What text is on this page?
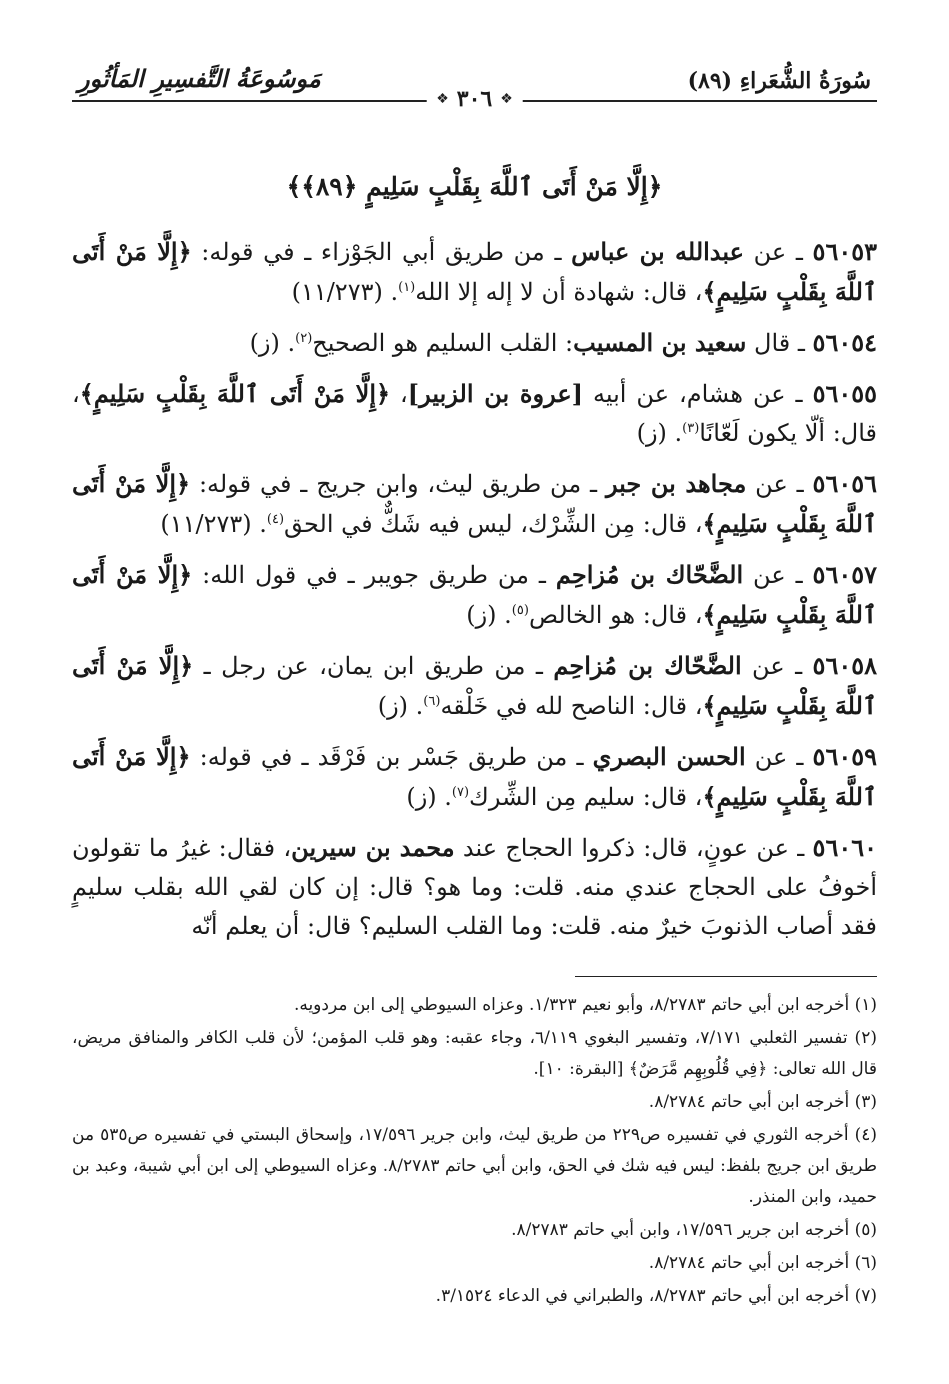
سُورَةُ الشُّعَراءِ (٨٩)
مَوسُوعَةُ التَّفسِيرِ المَأثُورِ
❖
٣٠٦
❖
﴿إِلَّا مَنْ أَتَى ٱللَّهَ بِقَلْبٍ سَلِيمٍ ﴿٨٩﴾﴾

٥٦٠٥٣ ـ عن عبدالله بن عباس ـ من طريق أبي الجَوْزاء ـ في قوله: ﴿إِلَّا مَنْ أَتَى ٱللَّهَ بِقَلْبٍ سَلِيمٍ﴾، قال: شهادة أن لا إله إلا الله$^{(١)}$. (١١/٢٧٣)

٥٦٠٥٤ ـ قال سعيد بن المسيب: القلب السليم هو الصحيح$^{(٢)}$. (ز)

٥٦٠٥٥ ـ عن هشام، عن أبيه [عروة بن الزبير]، ﴿إِلَّا مَنْ أَتَى ٱللَّهَ بِقَلْبٍ سَلِيمٍ﴾، قال: ألّا يكون لَعّانًا$^{(٣)}$. (ز)

٥٦٠٥٦ ـ عن مجاهد بن جبر ـ من طريق ليث، وابن جريج ـ في قوله: ﴿إِلَّا مَنْ أَتَى ٱللَّهَ بِقَلْبٍ سَلِيمٍ﴾، قال: مِن الشِّرْك، ليس فيه شَكٌّ في الحق$^{(٤)}$. (١١/٢٧٣)

٥٦٠٥٧ ـ عن الضَّحّاك بن مُزاحِم ـ من طريق جويبر ـ في قول الله: ﴿إِلَّا مَنْ أَتَى ٱللَّهَ بِقَلْبٍ سَلِيمٍ﴾، قال: هو الخالص$^{(٥)}$. (ز)

٥٦٠٥٨ ـ عن الضَّحّاك بن مُزاحِم ـ من طريق ابن يمان، عن رجل ـ ﴿إِلَّا مَنْ أَتَى ٱللَّهَ بِقَلْبٍ سَلِيمٍ﴾، قال: الناصح لله في خَلْقه$^{(٦)}$. (ز)

٥٦٠٥٩ ـ عن الحسن البصري ـ من طريق جَسْر بن فَرْقَد ـ في قوله: ﴿إِلَّا مَنْ أَتَى ٱللَّهَ بِقَلْبٍ سَلِيمٍ﴾، قال: سليم مِن الشِّرك$^{(٧)}$. (ز)

٥٦٠٦٠ ـ عن عونٍ، قال: ذكروا الحجاج عند محمد بن سيرين، فقال: غيرُ ما تقولون أخوفُ على الحجاج عندي منه. قلت: وما هو؟ قال: إن كان لقي الله بقلب سليمٍ فقد أصاب الذنوبَ خيرٌ منه. قلت: وما القلب السليم؟ قال: أن يعلم أنّه

(١) أخرجه ابن أبي حاتم ٨/٢٧٨٣، وأبو نعيم ١/٣٢٣. وعزاه السيوطي إلى ابن مردويه.

(٢) تفسير الثعلبي ٧/١٧١، وتفسير البغوي ٦/١١٩، وجاء عقبه: وهو قلب المؤمن؛ لأن قلب الكافر والمنافق مريض، قال الله تعالى: ﴿فِي قُلُوبِهِم مَّرَضٌ﴾ [البقرة: ١٠].

(٣) أخرجه ابن أبي حاتم ٨/٢٧٨٤.

(٤) أخرجه الثوري في تفسيره ص٢٢٩ من طريق ليث، وابن جرير ١٧/٥٩٦، وإسحاق البستي في تفسيره ص٥٣٥ من طريق ابن جريج بلفظ: ليس فيه شك في الحق، وابن أبي حاتم ٨/٢٧٨٣. وعزاه السيوطي إلى ابن أبي شيبة، وعبد بن حميد، وابن المنذر.

(٥) أخرجه ابن جرير ١٧/٥٩٦، وابن أبي حاتم ٨/٢٧٨٣.

(٦) أخرجه ابن أبي حاتم ٨/٢٧٨٤.

(٧) أخرجه ابن أبي حاتم ٨/٢٧٨٣، والطبراني في الدعاء ٣/١٥٢٤.
